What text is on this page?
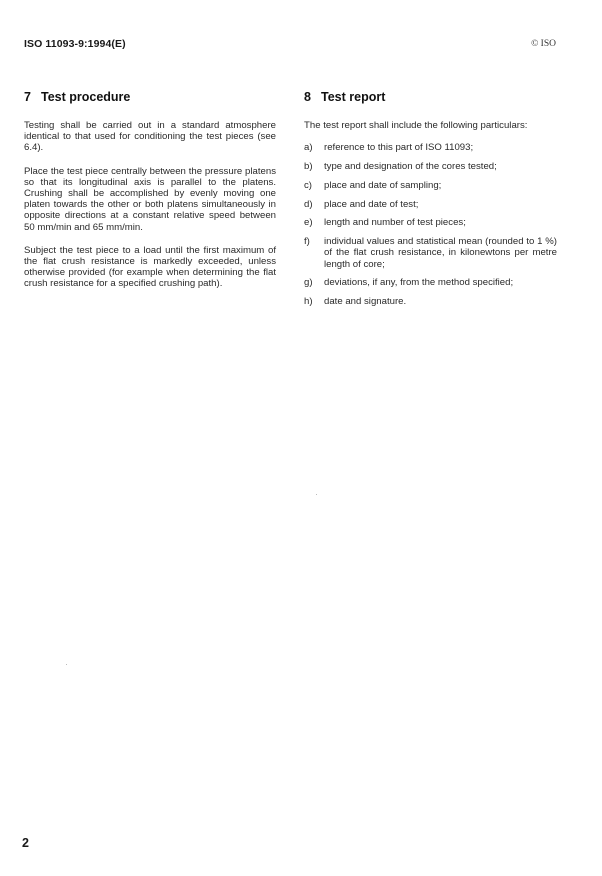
ISO 11093-9:1994(E)	© ISO
7 Test procedure

Testing shall be carried out in a standard atmosphere identical to that used for conditioning the test pieces (see 6.4).

Place the test piece centrally between the pressure platens so that its longitudinal axis is parallel to the platens. Crushing shall be accomplished by evenly moving one platen towards the other or both platens simultaneously in opposite directions at a constant relative speed between 50 mm/min and 65 mm/min.

Subject the test piece to a load until the first maximum of the flat crush resistance is markedly exceeded, unless otherwise provided (for example when determining the flat crush resistance for a specified crushing path).

8 Test report

The test report shall include the following particulars:

a)	reference to this part of ISO 11093;
b)	type and designation of the cores tested;
c)	place and date of sampling;
d)	place and date of test;
e)	length and number of test pieces;
f)	individual values and statistical mean (rounded to 1 %) of the flat crush resistance, in kilonewtons per metre length of core;
g)	deviations, if any, from the method specified;
h)	date and signature.
2
